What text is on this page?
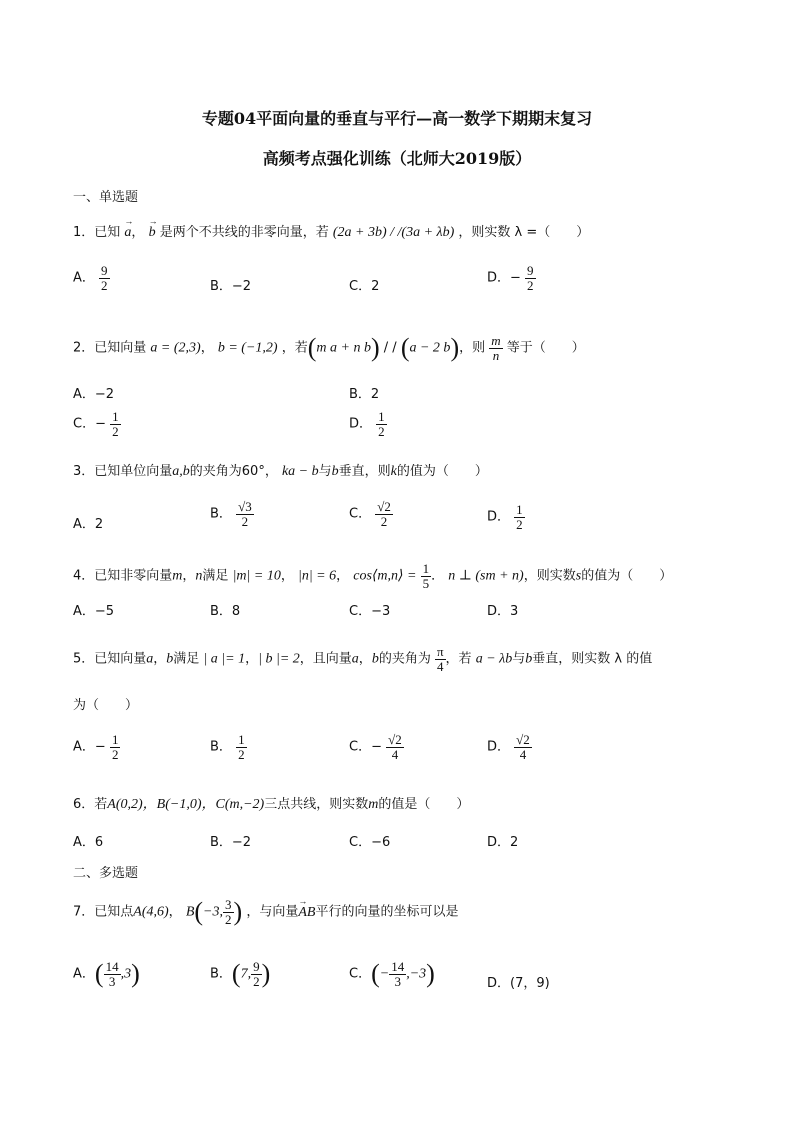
专题04平面向量的垂直与平行—高一数学下期期末复习
高频考点强化训练（北师大2019版）
一、单选题
1．已知 → a， → b 是两个不共线的非零向量，若 (2a + 3b) / /(3a + λb) ，则实数 λ =（　　）
A． $\frac{9}{2}$	B．−2	C．2
D．− $\frac{9}{2}$
2．已知向量 a = (2,3)， b = (−1,2) ，若(m a + n b) / / (a − 2 b)，则 $\frac{m}{n}$ 等于（　　）
A．−2	B．2
C．− $\frac{1}{2}$	D． $\frac{1}{2}$
3．已知单位向量a,b的夹角为60°， ka − b与b垂直，则k的值为（　　）
A．2
B． $\frac{√3}{2}$	C． $\frac{√2}{2}$	D． $\frac{1}{2}$
4．已知非零向量m，n满足 |m| = 10， |n| = 6， cos⟨m,n⟩ = $\frac{1}{5}$ ． n ⊥ (sm + n)，则实数s的值为（　　）
A．−5	B．8	C．−3	D．3
5．已知向量a，b满足 | a |= 1，| b |= 2，且向量a，b的夹角为 $\frac{\pi}{4}$ ，若 a − λb与b垂直，则实数 λ 的值
为（　　）
A．− $\frac{1}{2}$	B． $\frac{1}{2}$	C．− $\frac{√2}{4}$	D． $\frac{√2}{4}$
6．若A(0,2)，B(−1,0)，C(m,−2)三点共线，则实数m的值是（　　）
A．6	B．−2	C．−6	D．2
二、多选题
7．已知点A(4,6)， B(−3, $\frac{3}{2}$ ) ，与向量→ AB平行的向量的坐标可以是
A．( $\frac{14}{3} ,3$)	B．(7, $\frac{9}{2}$ )	C．(− $\frac{14}{3} ,-3$)	D．(7，9)
